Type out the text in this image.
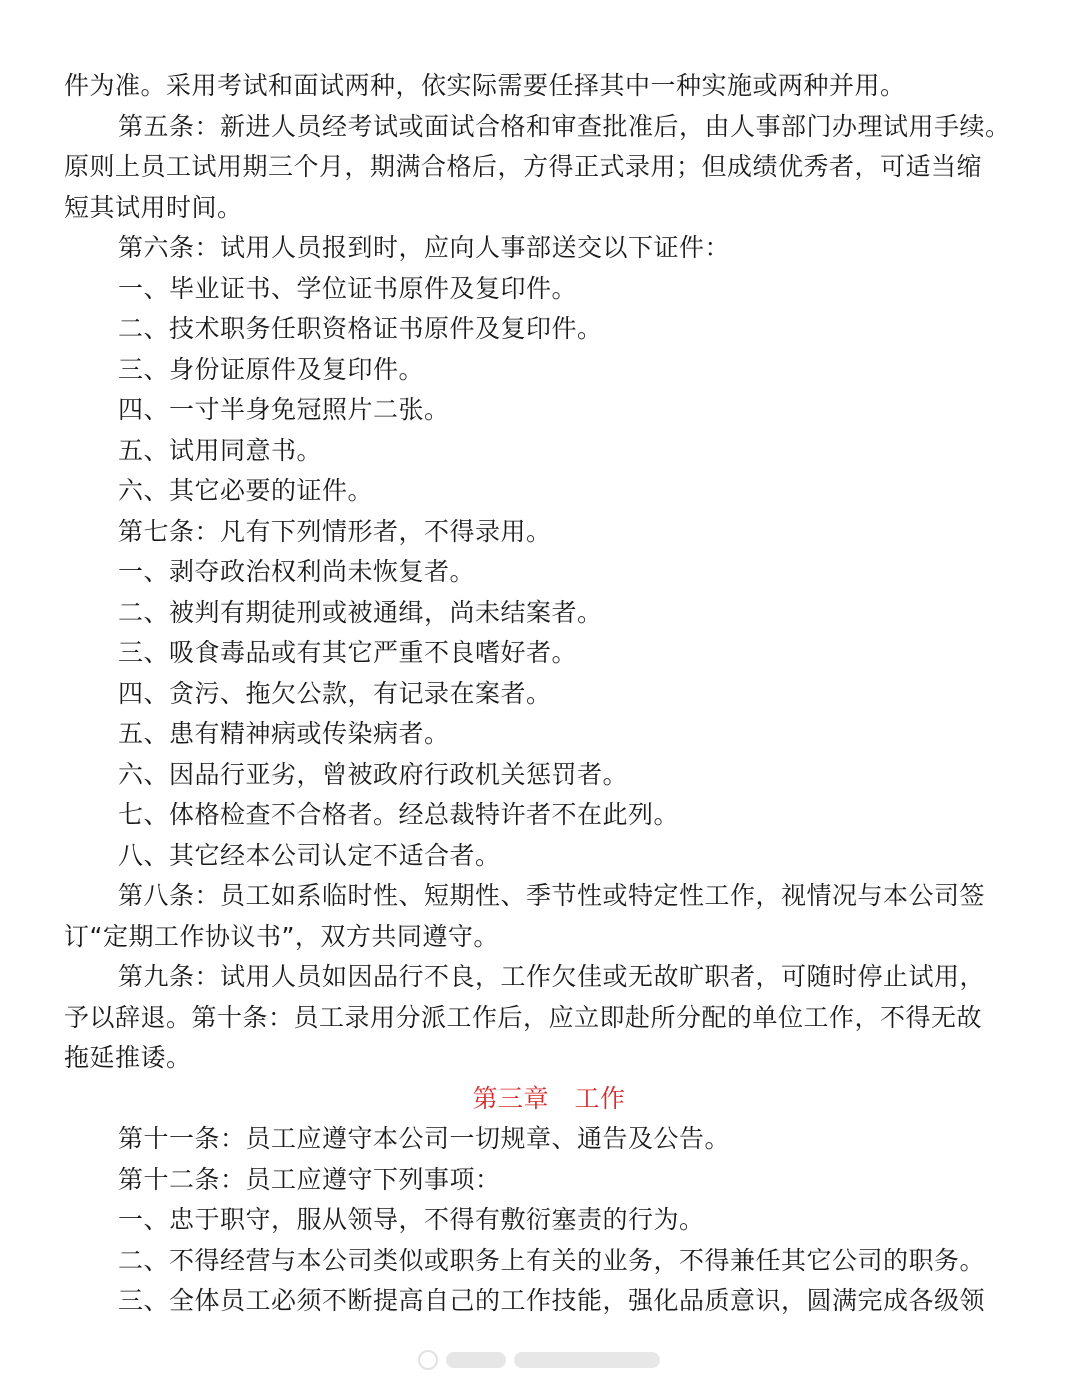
件为准。采用考试和面试两种，依实际需要任择其中一种实施或两种并用。
第五条：新进人员经考试或面试合格和审查批准后，由人事部门办理试用手续。
原则上员工试用期三个月，期满合格后，方得正式录用；但成绩优秀者，可适当缩
短其试用时间。
第六条：试用人员报到时，应向人事部送交以下证件：
一、毕业证书、学位证书原件及复印件。
二、技术职务任职资格证书原件及复印件。
三、身份证原件及复印件。
四、一寸半身免冠照片二张。
五、试用同意书。
六、其它必要的证件。
第七条：凡有下列情形者，不得录用。
一、剥夺政治权利尚未恢复者。
二、被判有期徒刑或被通缉，尚未结案者。
三、吸食毒品或有其它严重不良嗜好者。
四、贪污、拖欠公款，有记录在案者。
五、患有精神病或传染病者。
六、因品行亚劣，曾被政府行政机关惩罚者。
七、体格检查不合格者。经总裁特许者不在此列。
八、其它经本公司认定不适合者。
第八条：员工如系临时性、短期性、季节性或特定性工作，视情况与本公司签
订“定期工作协议书”，双方共同遵守。
第九条：试用人员如因品行不良，工作欠佳或无故旷职者，可随时停止试用，
予以辞退。第十条：员工录用分派工作后，应立即赴所分配的单位工作，不得无故
拖延推诿。
第三章　工作
第十一条：员工应遵守本公司一切规章、通告及公告。
第十二条：员工应遵守下列事项：
一、忠于职守，服从领导，不得有敷衍塞责的行为。
二、不得经营与本公司类似或职务上有关的业务，不得兼任其它公司的职务。
三、全体员工必须不断提高自己的工作技能，强化品质意识，圆满完成各级领
